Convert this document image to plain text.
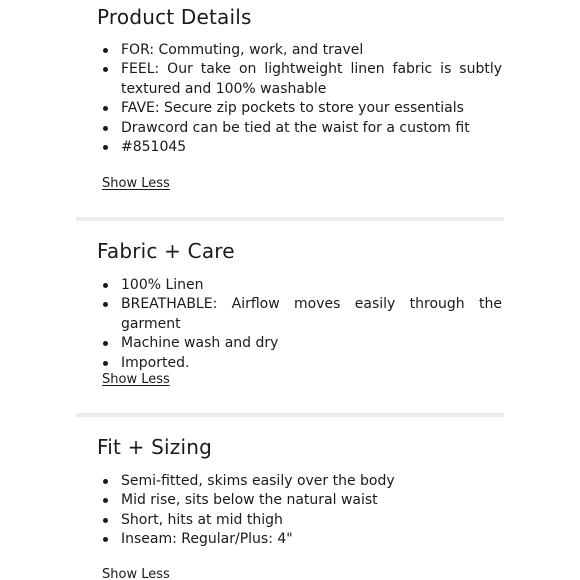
Product Details
FOR: Commuting, work, and travel
FEEL: Our take on lightweight linen fabric is subtly textured and 100% washable
FAVE: Secure zip pockets to store your essentials
Drawcord can be tied at the waist for a custom fit
#851045
Show Less
Fabric + Care
100% Linen
BREATHABLE: Airflow moves easily through the garment
Machine wash and dry
Imported.
Show Less
Fit + Sizing
Semi-fitted, skims easily over the body
Mid rise, sits below the natural waist
Short, hits at mid thigh
Inseam: Regular/Plus: 4"
Show Less
